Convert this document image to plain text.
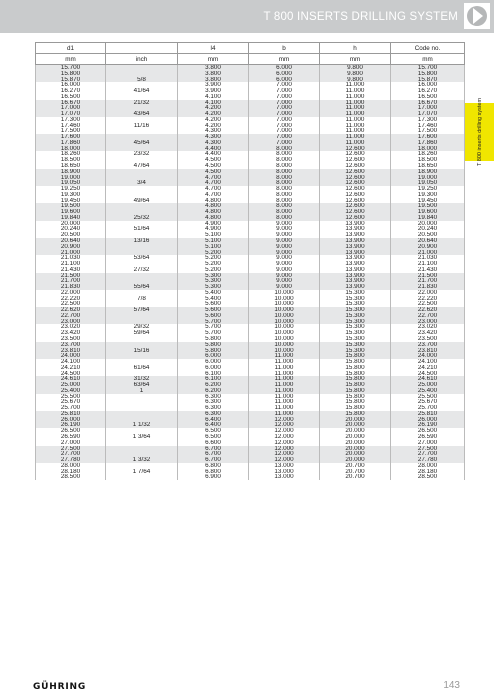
T 800 INSERTS DRILLING SYSTEM
T 800 inserts drilling system
d1		l4	b	h	Code no.
mm	inch	mm	mm	mm	mm
15.700		3.800	6.000	9.800	15.700
15.800		3.800	6.000	9.800	15.800
15.870	5/8	3.800	6.000	9.800	15.870
16.000		3.900	7.000	11.000	16.000
16.270	41/64	3.900	7.000	11.000	16.270
16.500		4.100	7.000	11.000	16.500
16.670	21/32	4.100	7.000	11.000	16.670
17.000		4.200	7.000	11.000	17.000
17.070	43/64	4.200	7.000	11.000	17.070
17.300		4.200	7.000	11.000	17.300
17.460	11/16	4.200	7.000	11.000	17.460
17.500		4.300	7.000	11.000	17.500
17.600		4.300	7.000	11.000	17.600
17.860	45/64	4.300	7.000	11.000	17.860
18.000		4.400	8.000	12.600	18.000
18.260	23/32	4.400	8.000	12.600	18.260
18.500		4.500	8.000	12.600	18.500
18.650	47/64	4.500	8.000	12.600	18.650
18.900		4.500	8.000	12.600	18.900
19.000		4.700	8.000	12.600	19.000
19.050	3/4	4.700	8.000	12.600	19.050
19.250		4.700	8.000	12.600	19.250
19.300		4.700	8.000	12.600	19.300
19.450	49/64	4.800	8.000	12.600	19.450
19.500		4.800	8.000	12.600	19.500
19.600		4.800	8.000	12.600	19.600
19.840	25/32	4.800	8.000	12.600	19.840
20.000		4.900	9.000	13.900	20.000
20.240	51/64	4.900	9.000	13.900	20.240
20.500		5.100	9.000	13.900	20.500
20.640	13/16	5.100	9.000	13.900	20.640
20.900		5.100	9.000	13.900	20.900
21.000		5.200	9.000	13.900	21.000
21.030	53/64	5.200	9.000	13.900	21.030
21.100		5.200	9.000	13.900	21.100
21.430	27/32	5.200	9.000	13.900	21.430
21.500		5.300	9.000	13.900	21.500
21.700		5.300	9.000	13.900	21.700
21.830	55/64	5.300	9.000	13.900	21.830
22.000		5.400	10.000	15.300	22.000
22.220	7/8	5.400	10.000	15.300	22.220
22.500		5.600	10.000	15.300	22.500
22.620	57/64	5.600	10.000	15.300	22.620
22.700		5.600	10.000	15.300	22.700
23.000		5.700	10.000	15.300	23.000
23.020	29/32	5.700	10.000	15.300	23.020
23.420	59/64	5.700	10.000	15.300	23.420
23.500		5.800	10.000	15.300	23.500
23.700		5.800	10.000	15.300	23.700
23.810	15/16	5.800	10.000	15.300	23.810
24.000		6.000	11.000	15.800	24.000
24.100		6.000	11.000	15.800	24.100
24.210	61/64	6.000	11.000	15.800	24.210
24.500		6.100	11.000	15.800	24.500
24.610	31/32	6.100	11.000	15.800	24.610
25.000	63/64	6.200	11.000	15.800	25.000
25.400	1	6.200	11.000	15.800	25.400
25.500		6.300	11.000	15.800	25.500
25.670		6.300	11.000	15.800	25.670
25.700		6.300	11.000	15.800	25.700
25.810		6.300	11.000	15.800	25.810
26.000		6.400	12.000	20.000	26.000
26.190	1 1/32	6.400	12.000	20.000	26.190
26.500		6.500	12.000	20.000	26.500
26.590	1 3/64	6.500	12.000	20.000	26.590
27.000		6.600	12.000	20.000	27.000
27.500		6.700	12.000	20.000	27.500
27.700		6.700	12.000	20.000	27.700
27.780	1 3/32	6.700	12.000	20.000	27.780
28.000		6.800	13.000	20.700	28.000
28.180	1 7/64	6.800	13.000	20.700	28.180
28.500		6.900	13.000	20.700	28.500
GÜHRING	143
